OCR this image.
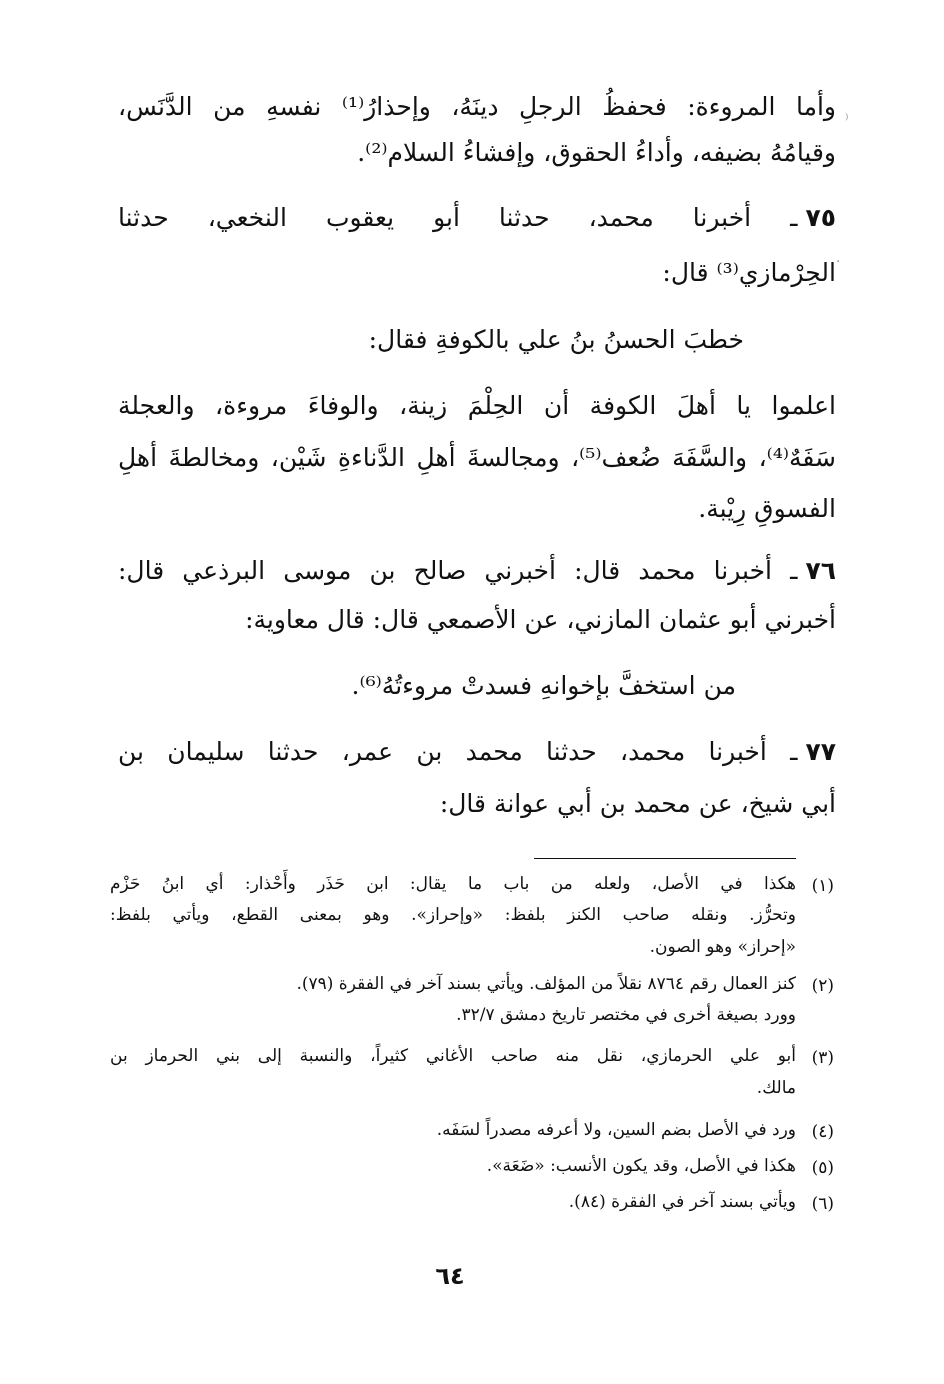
وأما المروءة: فحفظُ الرجلِ دينَهُ، وإحذارُ⁽¹⁾ نفسهِ من الدَّنَس،
وقيامُهُ بضيفه، وأداءُ الحقوق، وإفشاءُ السلام⁽²⁾.
٧٥
ـ أخبرنا محمد، حدثنا أبو يعقوب النخعي، حدثنا
الحِرْمازي⁽³⁾ قال:
خطبَ الحسنُ بنُ علي بالكوفةِ فقال:
اعلموا يا أهلَ الكوفة أن الحِلْمَ زينة، والوفاءَ مروءة، والعجلة
سَفَهٌ⁽⁴⁾، والسَّفَهَ ضُعف⁽⁵⁾، ومجالسةَ أهلِ الدَّناءةِ شَيْن، ومخالطةَ أهلِ
الفسوقِ رِيْبة.
٧٦
ـ أخبرنا محمد قال: أخبرني صالح بن موسى البرذعي قال:
أخبرني أبو عثمان المازني، عن الأصمعي قال: قال معاوية:
من استخفَّ بإخوانهِ فسدتْ مروءتُهُ⁽⁶⁾.
٧٧
ـ أخبرنا محمد، حدثنا محمد بن عمر، حدثنا سليمان بن
أبي شيخ، عن محمد بن أبي عوانة قال:
(١)
هكذا في الأصل، ولعله من باب ما يقال: ابن حَذَر وأَحْذار: أي ابنُ حَزْم
وتحرُّز. ونقله صاحب الكنز بلفظ: «وإحراز». وهو بمعنى القطع، ويأتي بلفظ:
«إحراز» وهو الصون.
(٢)
كنز العمال رقم ٨٧٦٤ نقلاً من المؤلف. ويأتي بسند آخر في الفقرة (٧٩).
وورد بصيغة أخرى في مختصر تاريخ دمشق ٣٢/٧.
(٣)
أبو علي الحرمازي، نقل منه صاحب الأغاني كثيراً، والنسبة إلى بني الحرماز بن
مالك.
(٤)
ورد في الأصل بضم السين، ولا أعرفه مصدراً لسَفَه.
(٥)
هكذا في الأصل، وقد يكون الأنسب: «ضَعَة».
(٦)
ويأتي بسند آخر في الفقرة (٨٤).
٦٤
⁾
·
